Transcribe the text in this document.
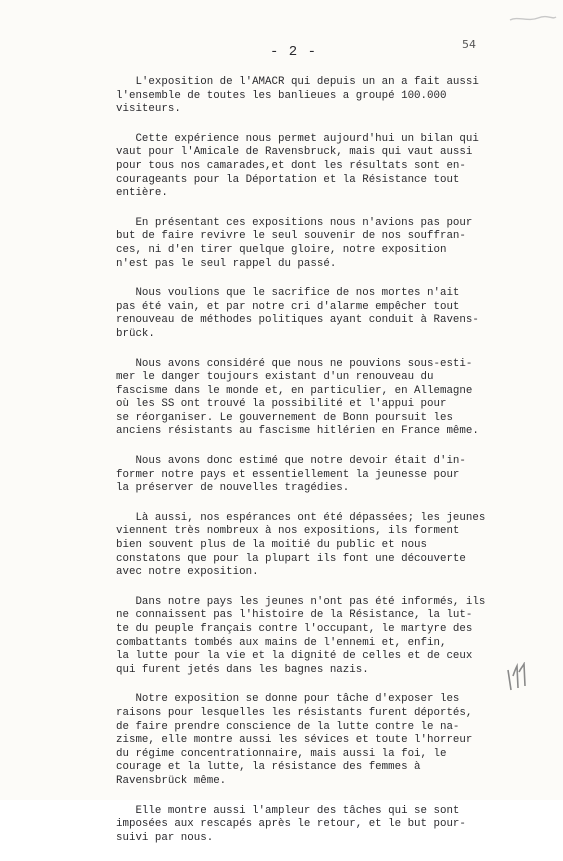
54
- 2 -
L'exposition de l'AMACR qui depuis un an a fait aussi
l'ensemble de toutes les banlieues a groupé 100.000
visiteurs.
Cette expérience nous permet aujourd'hui un bilan qui
vaut pour l'Amicale de Ravensbruck, mais qui vaut aussi
pour tous nos camarades,et dont les résultats sont en-
courageants pour la Déportation et la Résistance tout
entière.
En présentant ces expositions nous n'avions pas pour
but de faire revivre le seul souvenir de nos souffran-
ces, ni d'en tirer quelque gloire, notre exposition
n'est pas le seul rappel du passé.
Nous voulions que le sacrifice de nos mortes n'ait
pas été vain, et par notre cri d'alarme empêcher tout
renouveau de méthodes politiques ayant conduit à Ravens-
brück.
Nous avons considéré que nous ne pouvions sous-esti-
mer le danger toujours existant d'un renouveau du
fascisme dans le monde et, en particulier, en Allemagne
où les SS ont trouvé la possibilité et l'appui pour
se réorganiser. Le gouvernement de Bonn poursuit les
anciens résistants au fascisme hitlérien en France même.
Nous avons donc estimé que notre devoir était d'in-
former notre pays et essentiellement la jeunesse pour
la préserver de nouvelles tragédies.
Là aussi, nos espérances ont été dépassées; les jeunes
viennent très nombreux à nos expositions, ils forment
bien souvent plus de la moitié du public et nous
constatons que pour la plupart ils font une découverte
avec notre exposition.
Dans notre pays les jeunes n'ont pas été informés, ils
ne connaissent pas l'histoire de la Résistance, la lut-
te du peuple français contre l'occupant, le martyre des
combattants tombés aux mains de l'ennemi et, enfin,
la lutte pour la vie et la dignité de celles et de ceux
qui furent jetés dans les bagnes nazis.
Notre exposition se donne pour tâche d'exposer les
raisons pour lesquelles les résistants furent déportés,
de faire prendre conscience de la lutte contre le na-
zisme, elle montre aussi les sévices et toute l'horreur
du régime concentrationnaire, mais aussi la foi, le
courage et la lutte, la résistance des femmes à
Ravensbrück même.
Elle montre aussi l'ampleur des tâches qui se sont
imposées aux rescapés après le retour, et le but pour-
suivi par nous.
